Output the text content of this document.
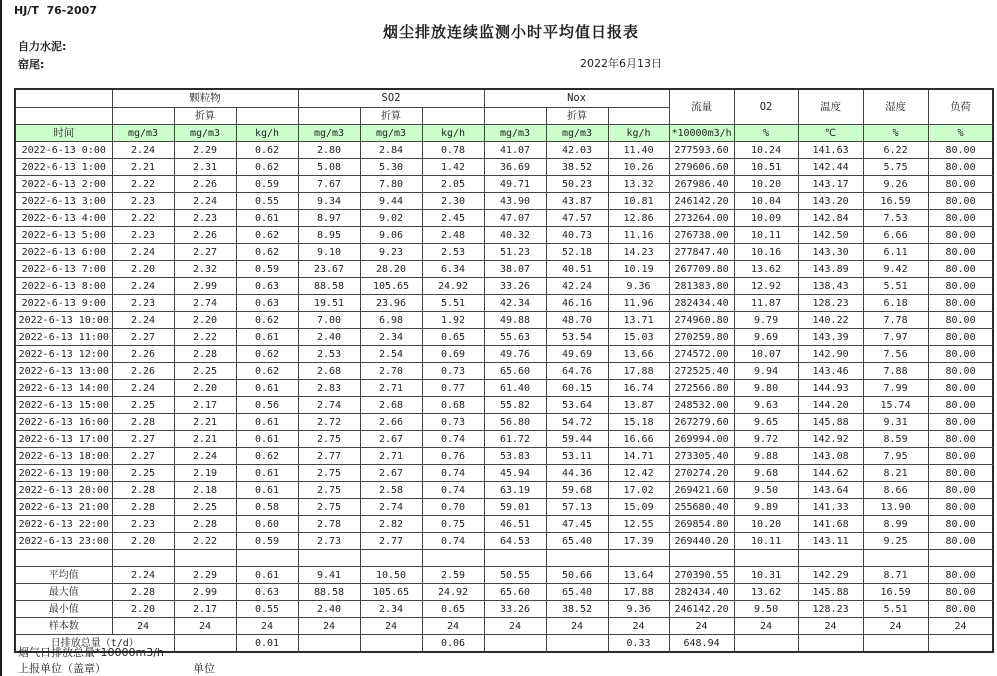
HJ/T  76-2007
烟尘排放连续监测小时平均值日报表
自力水泥:
窑尾:	2022年6月13日
	颗粒物			SO2			Nox			流量	O2	温度	湿度	负荷	
		折算			折算			折算							
时间	mg/m3	mg/m3	kg/h	mg/m3	mg/m3	kg/h	mg/m3	mg/m3	kg/h	*10000m3/h	%	℃	%	%	
2022-6-13 0:00	2.24	2.29	0.62	2.80	2.84	0.78	41.07	42.03	11.40	277593.60	10.24	141.63	6.22	80.00	
2022-6-13 1:00	2.21	2.31	0.62	5.08	5.30	1.42	36.69	38.52	10.26	279606.60	10.51	142.44	5.75	80.00	
2022-6-13 2:00	2.22	2.26	0.59	7.67	7.80	2.05	49.71	50.23	13.32	267986.40	10.20	143.17	9.26	80.00	
2022-6-13 3:00	2.23	2.24	0.55	9.34	9.44	2.30	43.90	43.87	10.81	246142.20	10.04	143.20	16.59	80.00	
2022-6-13 4:00	2.22	2.23	0.61	8.97	9.02	2.45	47.07	47.57	12.86	273264.00	10.09	142.84	7.53	80.00	
2022-6-13 5:00	2.23	2.26	0.62	8.95	9.06	2.48	40.32	40.73	11.16	276738.00	10.11	142.50	6.66	80.00	
2022-6-13 6:00	2.24	2.27	0.62	9.10	9.23	2.53	51.23	52.18	14.23	277847.40	10.16	143.30	6.11	80.00	
2022-6-13 7:00	2.20	2.32	0.59	23.67	28.20	6.34	38.07	40.51	10.19	267709.80	13.62	143.89	9.42	80.00	
2022-6-13 8:00	2.24	2.99	0.63	88.58	105.65	24.92	33.26	42.24	9.36	281383.80	12.92	138.43	5.51	80.00	
2022-6-13 9:00	2.23	2.74	0.63	19.51	23.96	5.51	42.34	46.16	11.96	282434.40	11.87	128.23	6.18	80.00	
2022-6-13 10:00	2.24	2.20	0.62	7.00	6.98	1.92	49.88	48.70	13.71	274960.80	9.79	140.22	7.78	80.00	
2022-6-13 11:00	2.27	2.22	0.61	2.40	2.34	0.65	55.63	53.54	15.03	270259.80	9.69	143.39	7.97	80.00	
2022-6-13 12:00	2.26	2.28	0.62	2.53	2.54	0.69	49.76	49.69	13.66	274572.00	10.07	142.90	7.56	80.00	
2022-6-13 13:00	2.26	2.25	0.62	2.68	2.70	0.73	65.60	64.76	17.88	272525.40	9.94	143.46	7.88	80.00	
2022-6-13 14:00	2.24	2.20	0.61	2.83	2.71	0.77	61.40	60.15	16.74	272566.80	9.80	144.93	7.99	80.00	
2022-6-13 15:00	2.25	2.17	0.56	2.74	2.68	0.68	55.82	53.64	13.87	248532.00	9.63	144.20	15.74	80.00	
2022-6-13 16:00	2.28	2.21	0.61	2.72	2.66	0.73	56.80	54.72	15.18	267279.60	9.65	145.88	9.31	80.00	
2022-6-13 17:00	2.27	2.21	0.61	2.75	2.67	0.74	61.72	59.44	16.66	269994.00	9.72	142.92	8.59	80.00	
2022-6-13 18:00	2.27	2.24	0.62	2.77	2.71	0.76	53.83	53.11	14.71	273305.40	9.88	143.08	7.95	80.00	
2022-6-13 19:00	2.25	2.19	0.61	2.75	2.67	0.74	45.94	44.36	12.42	270274.20	9.68	144.62	8.21	80.00	
2022-6-13 20:00	2.28	2.18	0.61	2.75	2.58	0.74	63.19	59.68	17.02	269421.60	9.50	143.64	8.66	80.00	
2022-6-13 21:00	2.28	2.25	0.58	2.75	2.74	0.70	59.01	57.13	15.09	255680.40	9.89	141.33	13.90	80.00	
2022-6-13 22:00	2.23	2.28	0.60	2.78	2.82	0.75	46.51	47.45	12.55	269854.80	10.20	141.68	8.99	80.00	
2022-6-13 23:00	2.20	2.22	0.59	2.73	2.77	0.74	64.53	65.40	17.39	269440.20	10.11	143.11	9.25	80.00	

平均值	2.24	2.29	0.61	9.41	10.50	2.59	50.55	50.66	13.64	270390.55	10.31	142.29	8.71	80.00	
最大值	2.28	2.99	0.63	88.58	105.65	24.92	65.60	65.40	17.88	282434.40	13.62	145.88	16.59	80.00	
最小值	2.20	2.17	0.55	2.40	2.34	0.65	33.26	38.52	9.36	246142.20	9.50	128.23	5.51	80.00	
样本数	24	24	24	24	24	24	24	24	24	24	24	24	24	24	
日排放总量（t/d）			0.01			0.06			0.33	648.94					
烟气日排放总量*10000m3/h
上报单位（盖章）	单位
